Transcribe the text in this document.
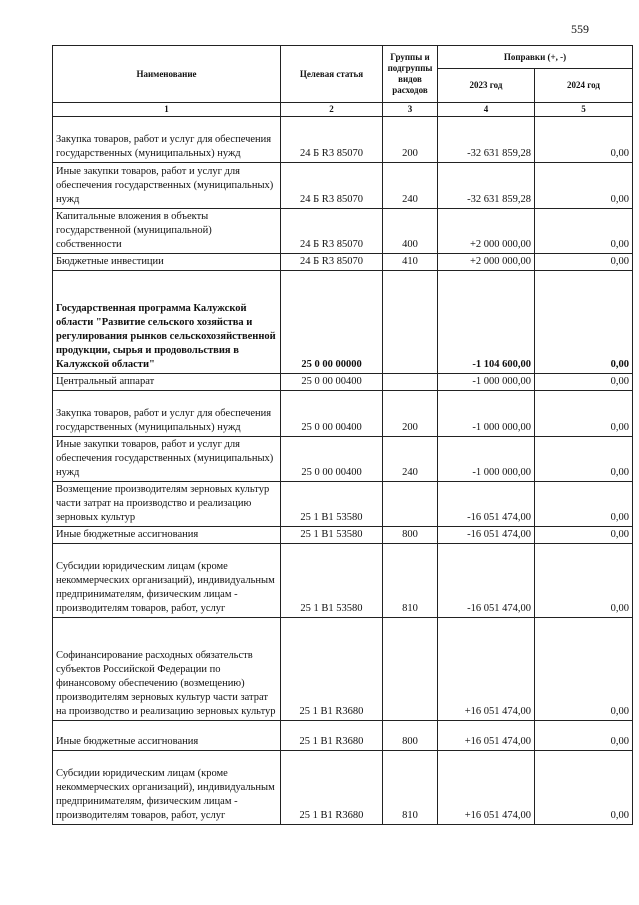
559
Наименование	Целевая статья	Группы и подгруппы видов расходов	Поправки (+, -)	
			2023 год	2024 год
1	2	3	4	5
Закупка товаров, работ и услуг для обеспечения государственных (муниципальных) нужд	24 Б R3 85070	200	-32 631 859,28	0,00
Иные закупки товаров, работ и услуг для обеспечения государственных (муниципальных) нужд	24 Б R3 85070	240	-32 631 859,28	0,00
Капитальные вложения в объекты государственной (муниципальной) собственности	24 Б R3 85070	400	+2 000 000,00	0,00
Бюджетные инвестиции	24 Б R3 85070	410	+2 000 000,00	0,00
Государственная программа Калужской области "Развитие сельского хозяйства и регулирования рынков сельскохозяйственной продукции, сырья и продовольствия в Калужской области"	25 0 00 00000		-1 104 600,00	0,00
Центральный аппарат	25 0 00 00400		-1 000 000,00	0,00
Закупка товаров, работ и услуг для обеспечения государственных (муниципальных) нужд	25 0 00 00400	200	-1 000 000,00	0,00
Иные закупки товаров, работ и услуг для обеспечения государственных (муниципальных) нужд	25 0 00 00400	240	-1 000 000,00	0,00
Возмещение производителям зерновых культур части затрат на производство и реализацию зерновых культур	25 1 B1 53580		-16 051 474,00	0,00
Иные бюджетные ассигнования	25 1 B1 53580	800	-16 051 474,00	0,00
Субсидии юридическим лицам (кроме некоммерческих организаций), индивидуальным предпринимателям, физическим лицам - производителям товаров, работ, услуг	25 1 B1 53580	810	-16 051 474,00	0,00
Софинансирование расходных обязательств субъектов Российской Федерации по финансовому обеспечению (возмещению) производителям зерновых культур части затрат на производство и реализацию зерновых культур	25 1 B1 R3680		+16 051 474,00	0,00
Иные бюджетные ассигнования	25 1 B1 R3680	800	+16 051 474,00	0,00
Субсидии юридическим лицам (кроме некоммерческих организаций), индивидуальным предпринимателям, физическим лицам - производителям товаров, работ, услуг	25 1 B1 R3680	810	+16 051 474,00	0,00
